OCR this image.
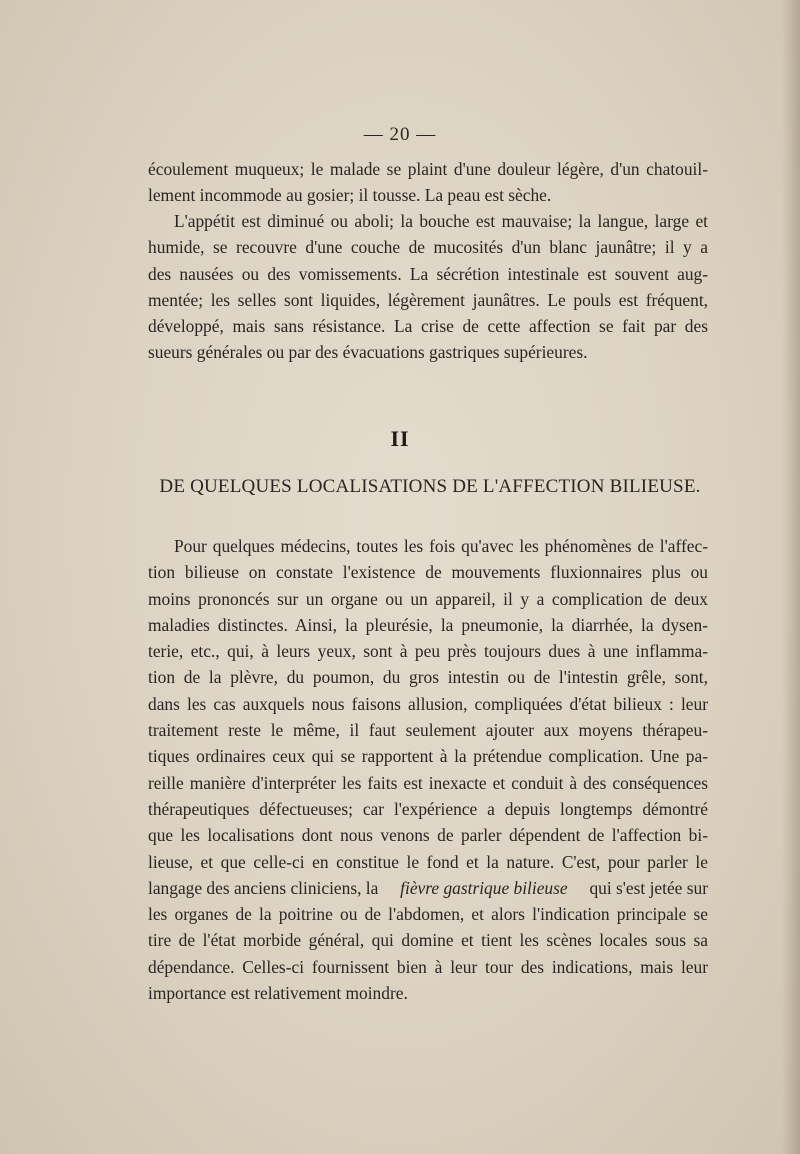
— 20 —
écoulement muqueux; le malade se plaint d'une douleur légère, d'un chatouil-
lement incommode au gosier; il tousse. La peau est sèche.
L'appétit est diminué ou aboli; la bouche est mauvaise; la langue, large et
humide, se recouvre d'une couche de mucosités d'un blanc jaunâtre; il y a
des nausées ou des vomissements. La sécrétion intestinale est souvent aug-
mentée; les selles sont liquides, légèrement jaunâtres. Le pouls est fréquent,
développé, mais sans résistance. La crise de cette affection se fait par des
sueurs générales ou par des évacuations gastriques supérieures.
II
DE QUELQUES LOCALISATIONS DE L'AFFECTION BILIEUSE.
Pour quelques médecins, toutes les fois qu'avec les phénomènes de l'affec-
tion bilieuse on constate l'existence de mouvements fluxionnaires plus ou
moins prononcés sur un organe ou un appareil, il y a complication de deux
maladies distinctes. Ainsi, la pleurésie, la pneumonie, la diarrhée, la dysen-
terie, etc., qui, à leurs yeux, sont à peu près toujours dues à une inflamma-
tion de la plèvre, du poumon, du gros intestin ou de l'intestin grêle, sont,
dans les cas auxquels nous faisons allusion, compliquées d'état bilieux : leur
traitement reste le même, il faut seulement ajouter aux moyens thérapeu-
tiques ordinaires ceux qui se rapportent à la prétendue complication. Une pa-
reille manière d'interpréter les faits est inexacte et conduit à des conséquences
thérapeutiques défectueuses; car l'expérience a depuis longtemps démontré
que les localisations dont nous venons de parler dépendent de l'affection bi-
lieuse, et que celle-ci en constitue le fond et la nature. C'est, pour parler le
langage des anciens cliniciens, la fièvre gastrique bilieuse qui s'est jetée sur
les organes de la poitrine ou de l'abdomen, et alors l'indication principale se
tire de l'état morbide général, qui domine et tient les scènes locales sous sa
dépendance. Celles-ci fournissent bien à leur tour des indications, mais leur
importance est relativement moindre.
